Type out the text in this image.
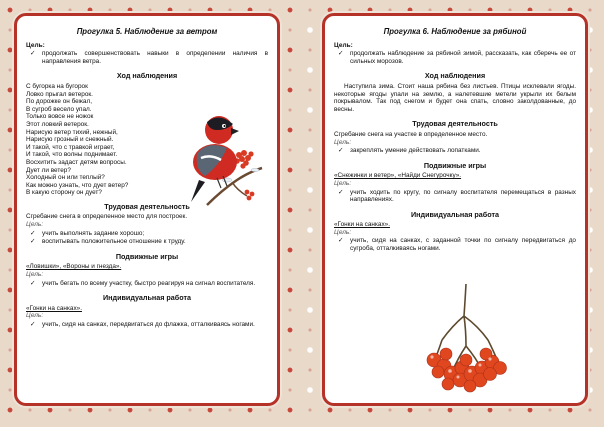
Прогулка 5. Наблюдение за ветром
Цель:
✓ продолжать совершенствовать навыки в определении наличия в направления ветра.
Ход наблюдения
С бугорка на бугорок
Ловко прыгал ветерок.
По дорожке он бежал,
В сугроб весело упал.
Только вовсе не ножок
Этот ловкий ветерок.
Нарисую ветер тихий, нежный,
Нарисую грозный и снежный.
И такой, что с травкой играет,
И такой, что волны поднимает.
Восхитить задаст детям вопросы.
Дует ли ветер?
Холодный он или теплый?
Как можно узнать, что дует ветер?
В какую сторону он дует?
Трудовая деятельность
Сгребание снега в определенное место для построек.
Цель:
✓ учить выполнять задание хорошо;
✓ воспитывать положительное отношение к труду.
Подвижные игры
«Ловишки», «Вороны и гнезда».
Цель:
✓ учить бегать по всему участку, быстро реагируя на сигнал воспитателя.
Индивидуальная работа
«Гонки на санках».
Цель:
✓ учить, сидя на санках, передвигаться до флажка, отталкиваясь ногами.
Прогулка 6. Наблюдение за рябиной
Цель:
✓ продолжать наблюдение за рябиной зимой, рассказать, как сберечь ее от сильных морозов.
Ход наблюдения
Наступила зима. Стоит наша рябина без листьев. Птицы исклевали ягоды. некоторые ягоды упали на землю, а налетевшие метели укрыли их белым покрывалом. Так под снегом и будет она спать, словно заколдованные, до весны.
Трудовая деятельность
Сгребание снега на участке в определенное место.
Цель:
✓ закреплять умение действовать лопатками.
Подвижные игры
«Снежинки и ветер», «Найди Снегурочку».
Цель:
✓ учить ходить по кругу, по сигналу воспитателя перемещаться в разных направлениях.
Индивидуальная работа
«Гонки на санках».
Цель:
✓ учить, сидя на санках, с заданной точки по сигналу передвигаться до сугроба, отталкиваясь ногами.
